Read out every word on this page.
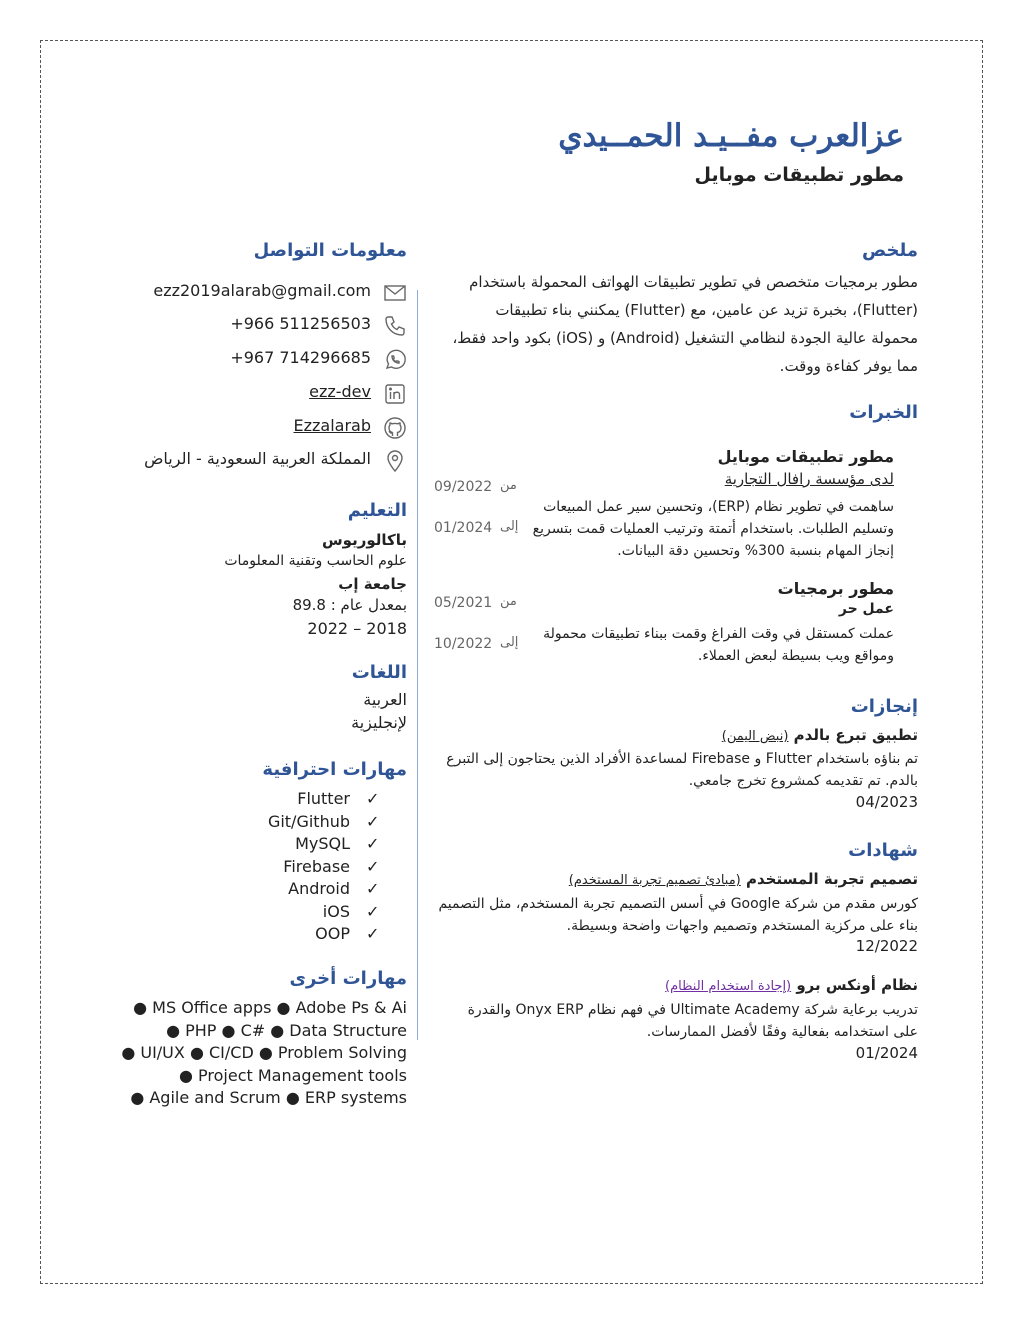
عزالعرب مفــيـد الحمــيدي
مطور تطبيقات موبايل
ملخص
مطور برمجيات متخصص في تطوير تطبيقات الهواتف المحمولة باستخدام
(Flutter)، بخبرة تزيد عن عامين، مع (Flutter) يمكنني بناء تطبيقات
محمولة عالية الجودة لنظامي التشغيل (Android) و (iOS) بكود واحد فقط،
مما يوفر كفاءة ووقت.
الخبرات
مطور تطبيقات موبايل
لدى مؤسسة رافال التجارية
ساهمت في تطوير نظام (ERP)، وتحسين سير عمل المبيعات
وتسليم الطلبات. باستخدام أتمتة وترتيب العمليات قمت بتسريع
إنجاز المهام بنسبة 300% وتحسين دقة البيانات.
من
09/2022
إلى
01/2024
مطور برمجيات
عمل حر
عملت كمستقل في وقت الفراغ وقمت ببناء تطبيقات محمولة
ومواقع ويب بسيطة لبعض العملاء.
من
05/2021
إلى
10/2022
إنجازات
تطبيق تبرع بالدم (نبض اليمن)
تم بناؤه باستخدام Flutter و Firebase لمساعدة الأفراد الذين يحتاجون إلى التبرع
بالدم. تم تقديمه كمشروع تخرج جامعي.
04/2023
شهادات
تصميم تجربة المستخدم (مبادئ تصميم تجربة المستخدم)
كورس مقدم من شركة Google في أسس التصميم تجربة المستخدم، مثل التصميم
بناء على مركزية المستخدم وتصميم واجهات واضحة وبسيطة.
12/2022
نظام أونكس برو (إجادة استخدام النظام)
تدريب برعاية شركة Ultimate Academy في فهم نظام Onyx ERP والقدرة
على استخدامه بفعالية وفقًا لأفضل الممارسات.
01/2024
معلومات التواصل
ezz2019alarab@gmail.com
+966 511256503
+967 714296685
ezz-dev
Ezzalarab
المملكة العربية السعودية - الرياض
التعليم
باكالوريوس
علوم الحاسب وتقنية المعلومات
جامعة إب
بمعدل عام : 89.8
2018 – 2022
اللغات
العربية
لإنجليزية
مهارات احترافية
Flutter ✓
Git/Github ✓
MySQL ✓
Firebase ✓
Android ✓
iOS ✓
OOP ✓
مهارات أخرى
● MS Office apps ● Adobe Ps & Ai
● PHP ● C# ● Data Structure
● UI/UX ● CI/CD ● Problem Solving
● Project Management tools
● Agile and Scrum ● ERP systems
